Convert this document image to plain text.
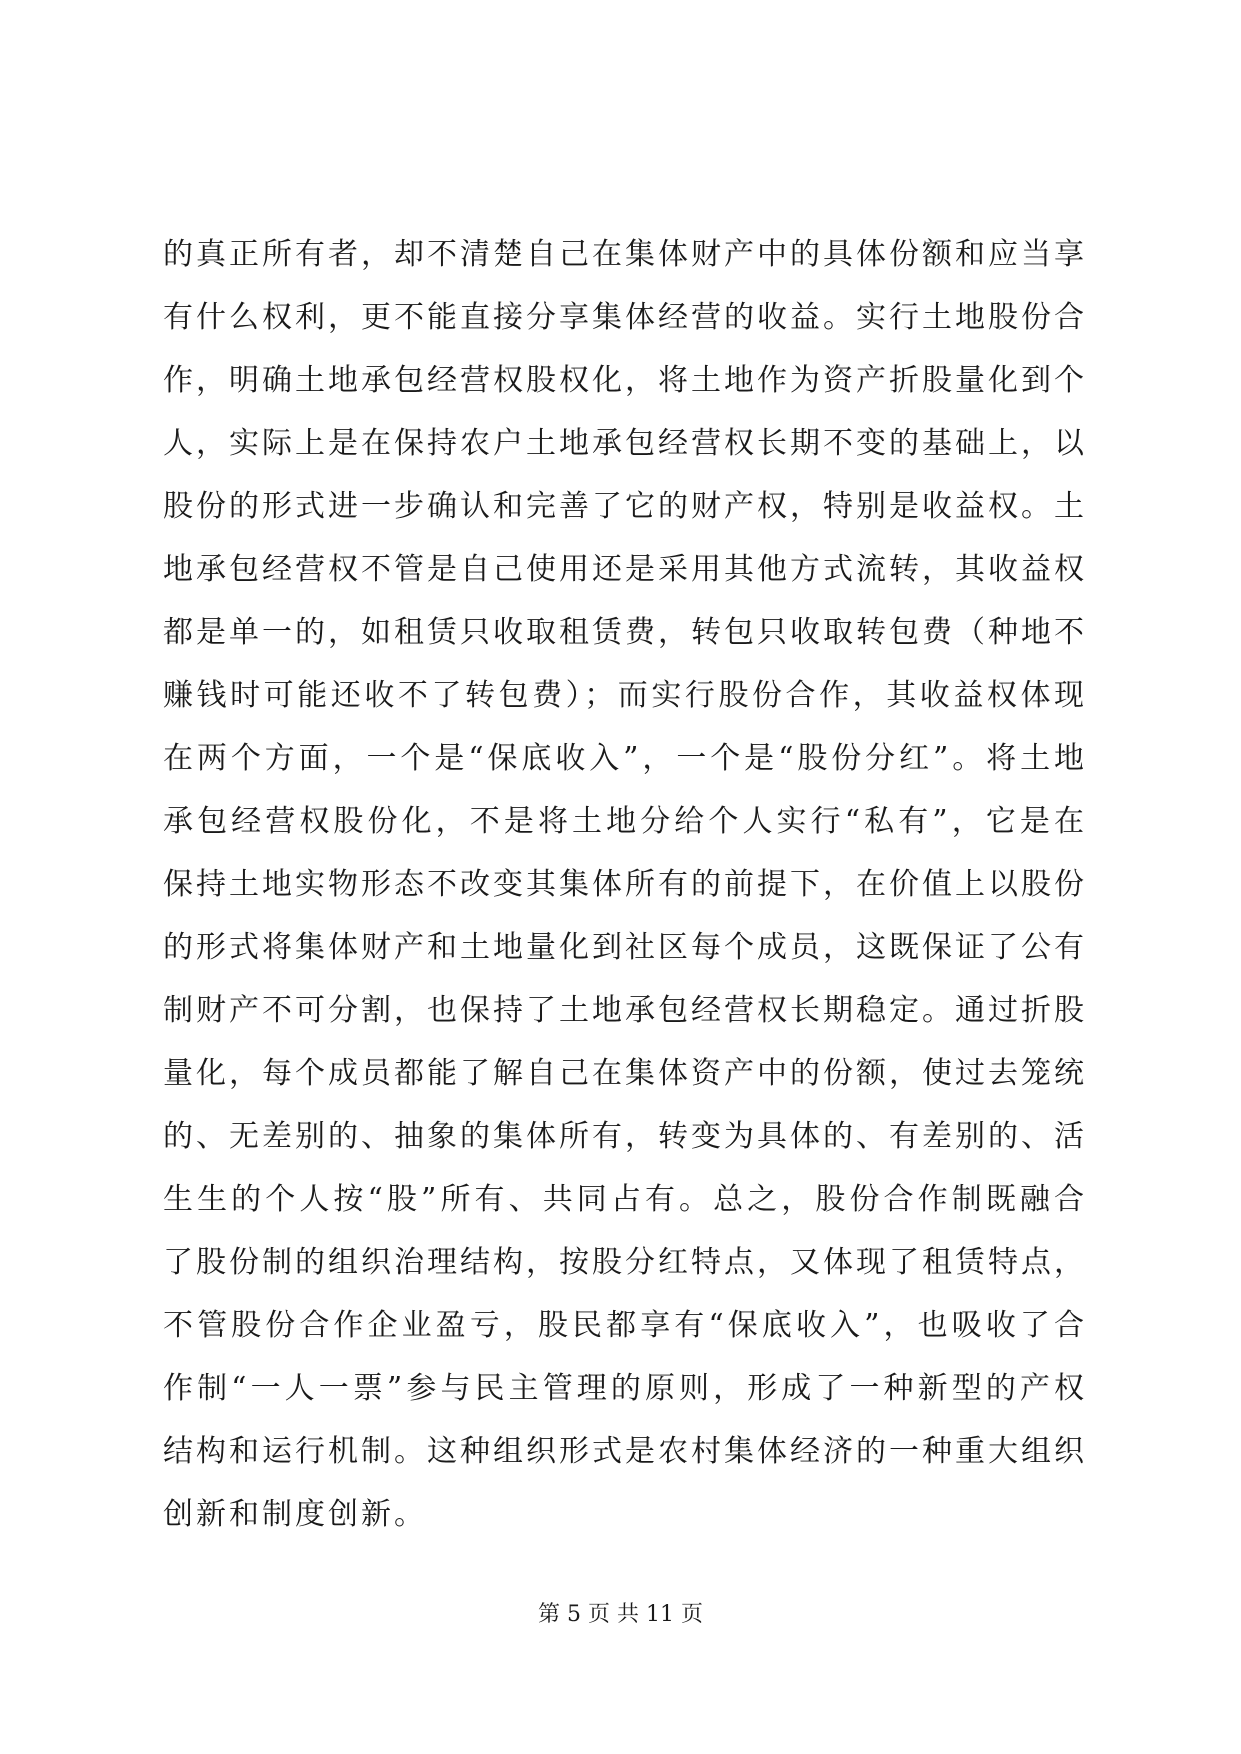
的真正所有者，却不清楚自己在集体财产中的具体份额和应当享
有什么权利，更不能直接分享集体经营的收益。实行土地股份合
作，明确土地承包经营权股权化，将土地作为资产折股量化到个
人，实际上是在保持农户土地承包经营权长期不变的基础上，以
股份的形式进一步确认和完善了它的财产权，特别是收益权。土
地承包经营权不管是自己使用还是采用其他方式流转，其收益权
都是单一的，如租赁只收取租赁费，转包只收取转包费（种地不
赚钱时可能还收不了转包费）；而实行股份合作，其收益权体现
在两个方面，一个是“保底收入”，一个是“股份分红”。将土地
承包经营权股份化，不是将土地分给个人实行“私有”，它是在
保持土地实物形态不改变其集体所有的前提下，在价值上以股份
的形式将集体财产和土地量化到社区每个成员，这既保证了公有
制财产不可分割，也保持了土地承包经营权长期稳定。通过折股
量化，每个成员都能了解自己在集体资产中的份额，使过去笼统
的、无差别的、抽象的集体所有，转变为具体的、有差别的、活
生生的个人按“股”所有、共同占有。总之，股份合作制既融合
了股份制的组织治理结构，按股分红特点，又体现了租赁特点，
不管股份合作企业盈亏，股民都享有“保底收入”，也吸收了合
作制“一人一票”参与民主管理的原则，形成了一种新型的产权
结构和运行机制。这种组织形式是农村集体经济的一种重大组织
创新和制度创新。
第 5 页 共 11 页
